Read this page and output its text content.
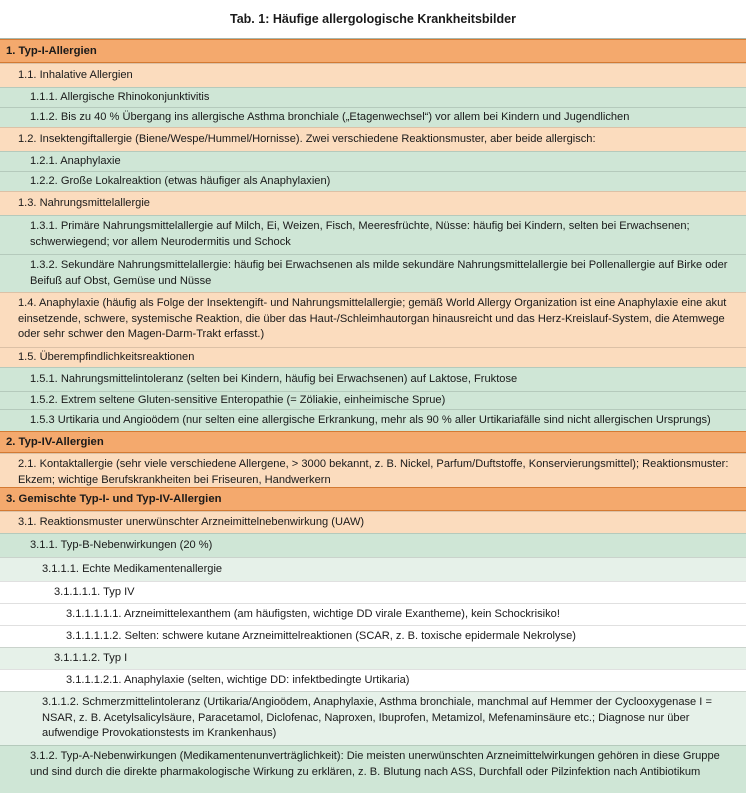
Tab. 1: Häufige allergologische Krankheitsbilder
1. Typ-I-Allergien
1.1. Inhalative Allergien
1.1.1. Allergische Rhinokonjunktivitis
1.1.2. Bis zu 40 % Übergang ins allergische Asthma bronchiale („Etagenwechsel“) vor allem bei Kindern und Jugendlichen
1.2. Insektengiftallergie (Biene/Wespe/Hummel/Hornisse). Zwei verschiedene Reaktionsmuster, aber beide allergisch:
1.2.1. Anaphylaxie
1.2.2. Große Lokalreaktion (etwas häufiger als Anaphylaxien)
1.3. Nahrungsmittelallergie
1.3.1. Primäre Nahrungsmittelallergie auf Milch, Ei, Weizen, Fisch, Meeresfrüchte, Nüsse: häufig bei Kindern, selten bei Erwachsenen; schwerwiegend; vor allem Neurodermitis und Schock
1.3.2. Sekundäre Nahrungsmittelallergie: häufig bei Erwachsenen als milde sekundäre Nahrungsmittelallergie bei Pollenallergie auf Birke oder Beifuß auf Obst, Gemüse und Nüsse
1.4. Anaphylaxie (häufig als Folge der Insektengift- und Nahrungsmittelallergie; gemäß World Allergy Organization ist eine Anaphylaxie eine akut einsetzende, schwere, systemische Reaktion, die über das Haut-/Schleimhautorgan hinausreicht und das Herz-Kreislauf-System, die Atemwege oder sehr schwer den Magen-Darm-Trakt erfasst.)
1.5. Überempfindlichkeitsreaktionen
1.5.1. Nahrungsmittelintoleranz (selten bei Kindern, häufig bei Erwachsenen) auf Laktose, Fruktose
1.5.2. Extrem seltene Gluten-sensitive Enteropathie (= Zöliakie, einheimische Sprue)
1.5.3 Urtikaria und Angioödem (nur selten eine allergische Erkrankung, mehr als 90 % aller Urtikariafälle sind nicht allergischen Ursprungs)
2. Typ-IV-Allergien
2.1. Kontaktallergie (sehr viele verschiedene Allergene, > 3000 bekannt, z. B. Nickel, Parfum/Duftstoffe, Konservierungsmittel); Reaktionsmuster: Ekzem; wichtige Berufskrankheiten bei Friseuren, Handwerkern
3. Gemischte Typ-I- und Typ-IV-Allergien
3.1. Reaktionsmuster unerwünschter Arzneimittelnebenwirkung (UAW)
3.1.1. Typ-B-Nebenwirkungen (20 %)
3.1.1.1. Echte Medikamentenallergie
3.1.1.1.1. Typ IV
3.1.1.1.1.1. Arzneimittelexanthem (am häufigsten, wichtige DD virale Exantheme), kein Schockrisiko!
3.1.1.1.1.2. Selten: schwere kutane Arzneimittelreaktionen (SCAR, z. B. toxische epidermale Nekrolyse)
3.1.1.1.2. Typ I
3.1.1.1.2.1. Anaphylaxie (selten, wichtige DD: infektbedingte Urtikaria)
3.1.1.2. Schmerzmittelintoleranz (Urtikaria/Angioödem, Anaphylaxie, Asthma bronchiale, manchmal auf Hemmer der Cyclooxygenase I = NSAR, z. B. Acetylsalicylsäure, Paracetamol, Diclofenac, Naproxen, Ibuprofen, Metamizol, Mefenaminsäure etc.; Diagnose nur über aufwendige Provokationstests im Krankenhaus)
3.1.2. Typ-A-Nebenwirkungen (Medikamentenunverträglichkeit): Die meisten unerwünschten Arzneimittelwirkungen gehören in diese Gruppe und sind durch die direkte pharmakologische Wirkung zu erklären, z. B. Blutung nach ASS, Durchfall oder Pilzinfektion nach Antibiotikum
